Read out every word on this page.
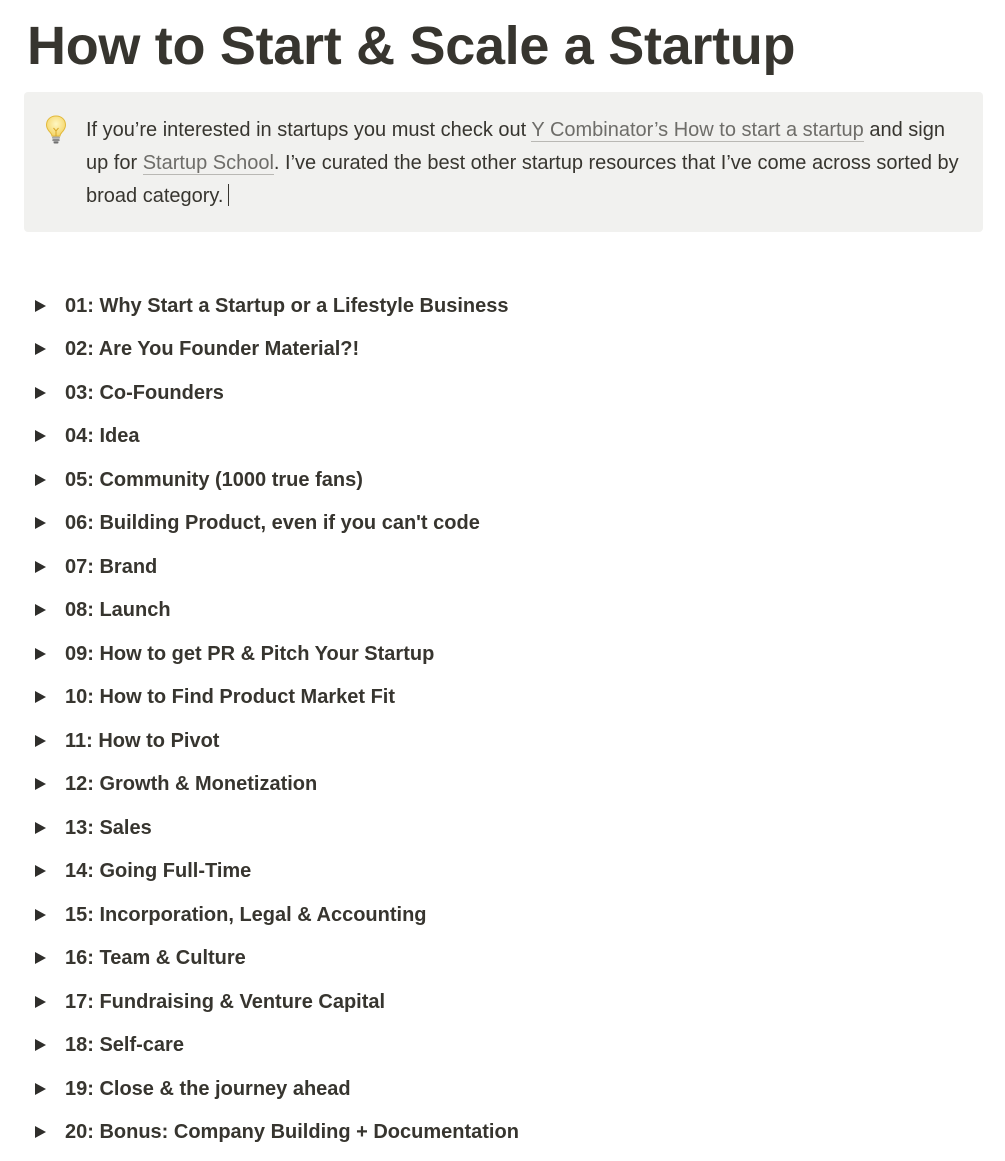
How to Start & Scale a Startup

If you’re interested in startups you must check out Y Combinator’s How to start a startup and sign up for Startup School. I’ve curated the best other startup resources that I’ve come across sorted by broad category.

01: Why Start a Startup or a Lifestyle Business
02: Are You Founder Material?!
03: Co-Founders
04: Idea
05: Community (1000 true fans)
06: Building Product, even if you can't code
07: Brand
08: Launch
09: How to get PR & Pitch Your Startup
10: How to Find Product Market Fit
11: How to Pivot
12: Growth & Monetization
13: Sales
14: Going Full-Time
15: Incorporation, Legal & Accounting
16: Team & Culture
17: Fundraising & Venture Capital
18: Self-care
19: Close & the journey ahead
20: Bonus: Company Building + Documentation
